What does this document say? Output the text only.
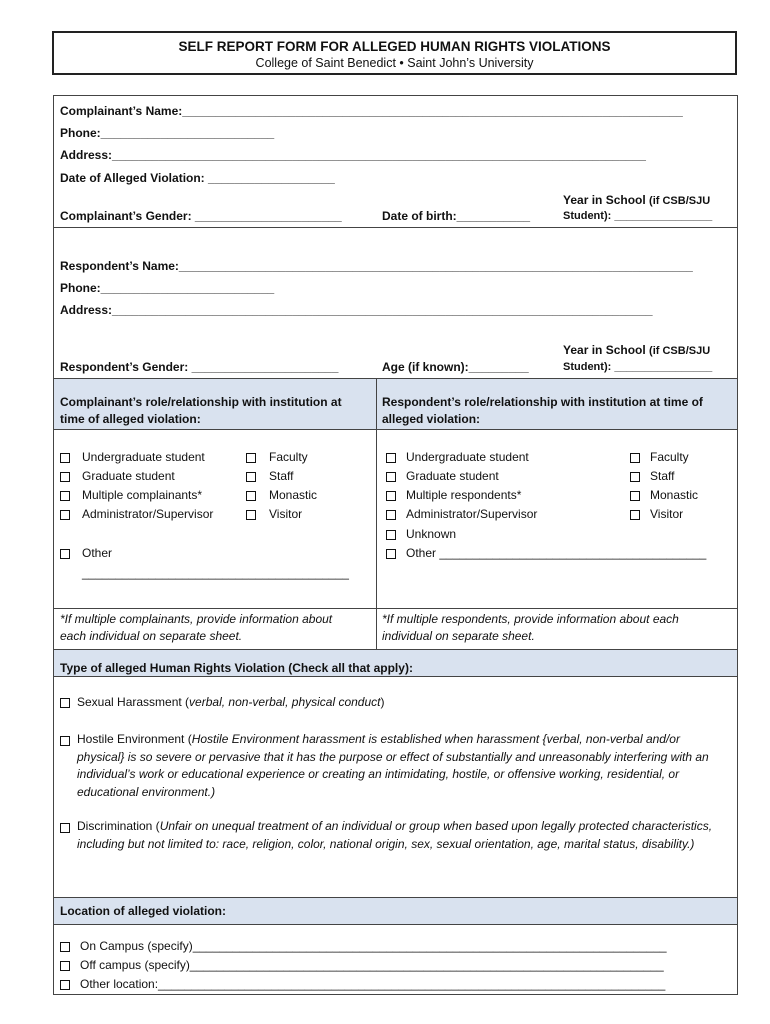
SELF REPORT FORM FOR ALLEGED HUMAN RIGHTS VIOLATIONS
College of Saint Benedict • Saint John’s University
Complainant’s Name:___________________________________________________________________________
Phone:__________________________
Address:________________________________________________________________________________
Date of Alleged Violation: ___________________
Complainant’s Gender: ______________________	Date of birth:___________
Year in School (if CSB/SJU
Student): ________________
Respondent’s Name:_____________________________________________________________________________
Phone:__________________________
Address:_________________________________________________________________________________
Respondent’s Gender: ______________________	Age (if known):_________
Year in School (if CSB/SJU
Student): ________________
Complainant’s role/relationship with institution at
time of alleged violation:
Respondent’s role/relationship with institution at time of
alleged violation:
Undergraduate student
Graduate student
Multiple complainants*
Administrator/Supervisor
Faculty
Staff
Monastic
Visitor
Other
________________________________________
Undergraduate student
Graduate student
Multiple respondents*
Administrator/Supervisor
Unknown
Other ________________________________________
Faculty
Staff
Monastic
Visitor
*If multiple complainants, provide information about
each individual on separate sheet.
*If multiple respondents, provide information about each
individual on separate sheet.
Type of alleged Human Rights Violation (Check all that apply):
Sexual Harassment (verbal, non-verbal, physical conduct)
Hostile Environment (Hostile Environment harassment is established when harassment {verbal, non-verbal and/or physical} is so severe or pervasive that it has the purpose or effect of substantially and unreasonably interfering with an individual’s work or educational experience or creating an intimidating, hostile, or offensive working, residential, or educational environment.)
Discrimination (Unfair on unequal treatment of an individual or group when based upon legally protected characteristics, including but not limited to: race, religion, color, national origin, sex, sexual orientation, age, marital status, disability.)
Location of alleged violation:
On Campus (specify)_______________________________________________________________________
Off campus (specify)_______________________________________________________________________
Other location:____________________________________________________________________________
